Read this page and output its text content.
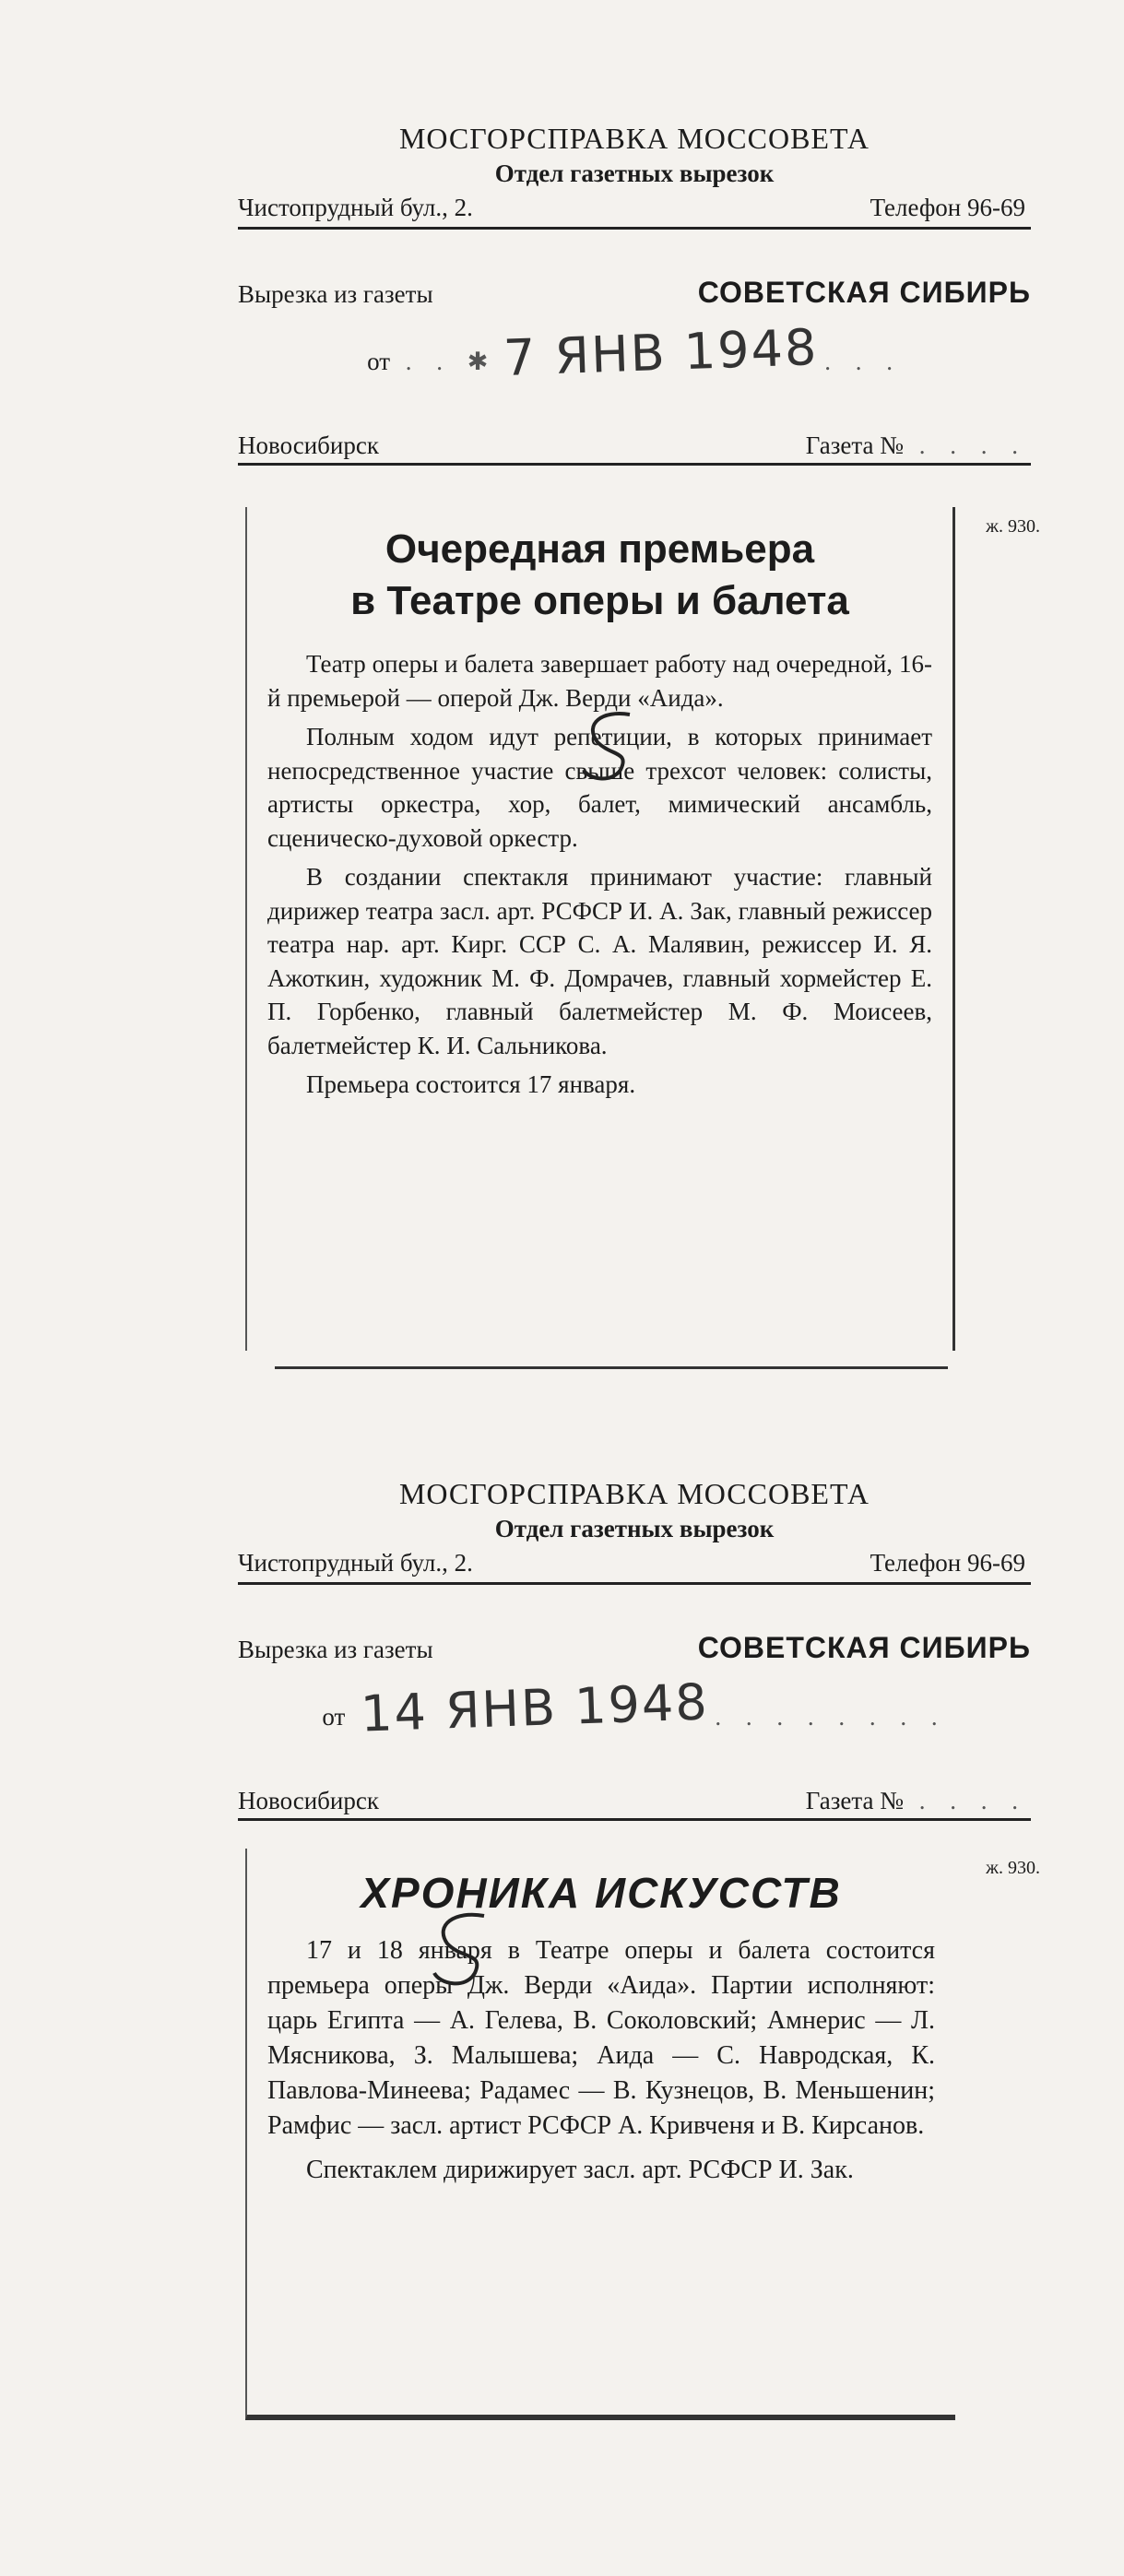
МОСГОРСПРАВКА МОССОВЕТА

Отдел газетных вырезок

Чистопрудный бул., 2.	Телефон 96-69
Вырезка из газеты	СОВЕТСКАЯ СИБИРЬ
от . . ✱ 7 ЯНВ 1948 . . .
Новосибирск	Газета № . . . .
ж. 930.

Очередная премьера
в Театре оперы и балета

Театр оперы и балета завершает работу над очередной, 16-й премьерой — оперой Дж. Верди «Аида».

Полным ходом идут репетиции, в которых принимает непосредственное участие свыше трехсот человек: солисты, артисты оркестра, хор, балет, мимический ансамбль, сценическо-духовой оркестр.

В создании спектакля принимают участие: главный дирижер театра засл. арт. РСФСР И. А. Зак, главный режиссер театра нар. арт. Кирг. ССР С. А. Малявин, режиссер И. Я. Ажоткин, художник М. Ф. Домрачев, главный хормейстер Е. П. Горбенко, главный балетмейстер М. Ф. Моисеев, балетмейстер К. И. Сальникова.

Премьера состоится 17 января.

МОСГОРСПРАВКА МОССОВЕТА

Отдел газетных вырезок

Чистопрудный бул., 2.	Телефон 96-69
Вырезка из газеты	СОВЕТСКАЯ СИБИРЬ
от 14 ЯНВ 1948 . . . . . . . .
Новосибирск	Газета № . . . .
ж. 930.

ХРОНИКА ИСКУССТВ

17 и 18 января в Театре оперы и балета состоится премьера оперы Дж. Верди «Аида». Партии исполняют: царь Египта — А. Гелева, В. Соколовский; Амнерис — Л. Мясникова, З. Малышева; Аида — С. Навродская, К. Павлова-Минеева; Радамес — В. Кузнецов, В. Меньшенин; Рамфис — засл. артист РСФСР А. Кривченя и В. Кирсанов.

Спектаклем дирижирует засл. арт. РСФСР И. Зак.
